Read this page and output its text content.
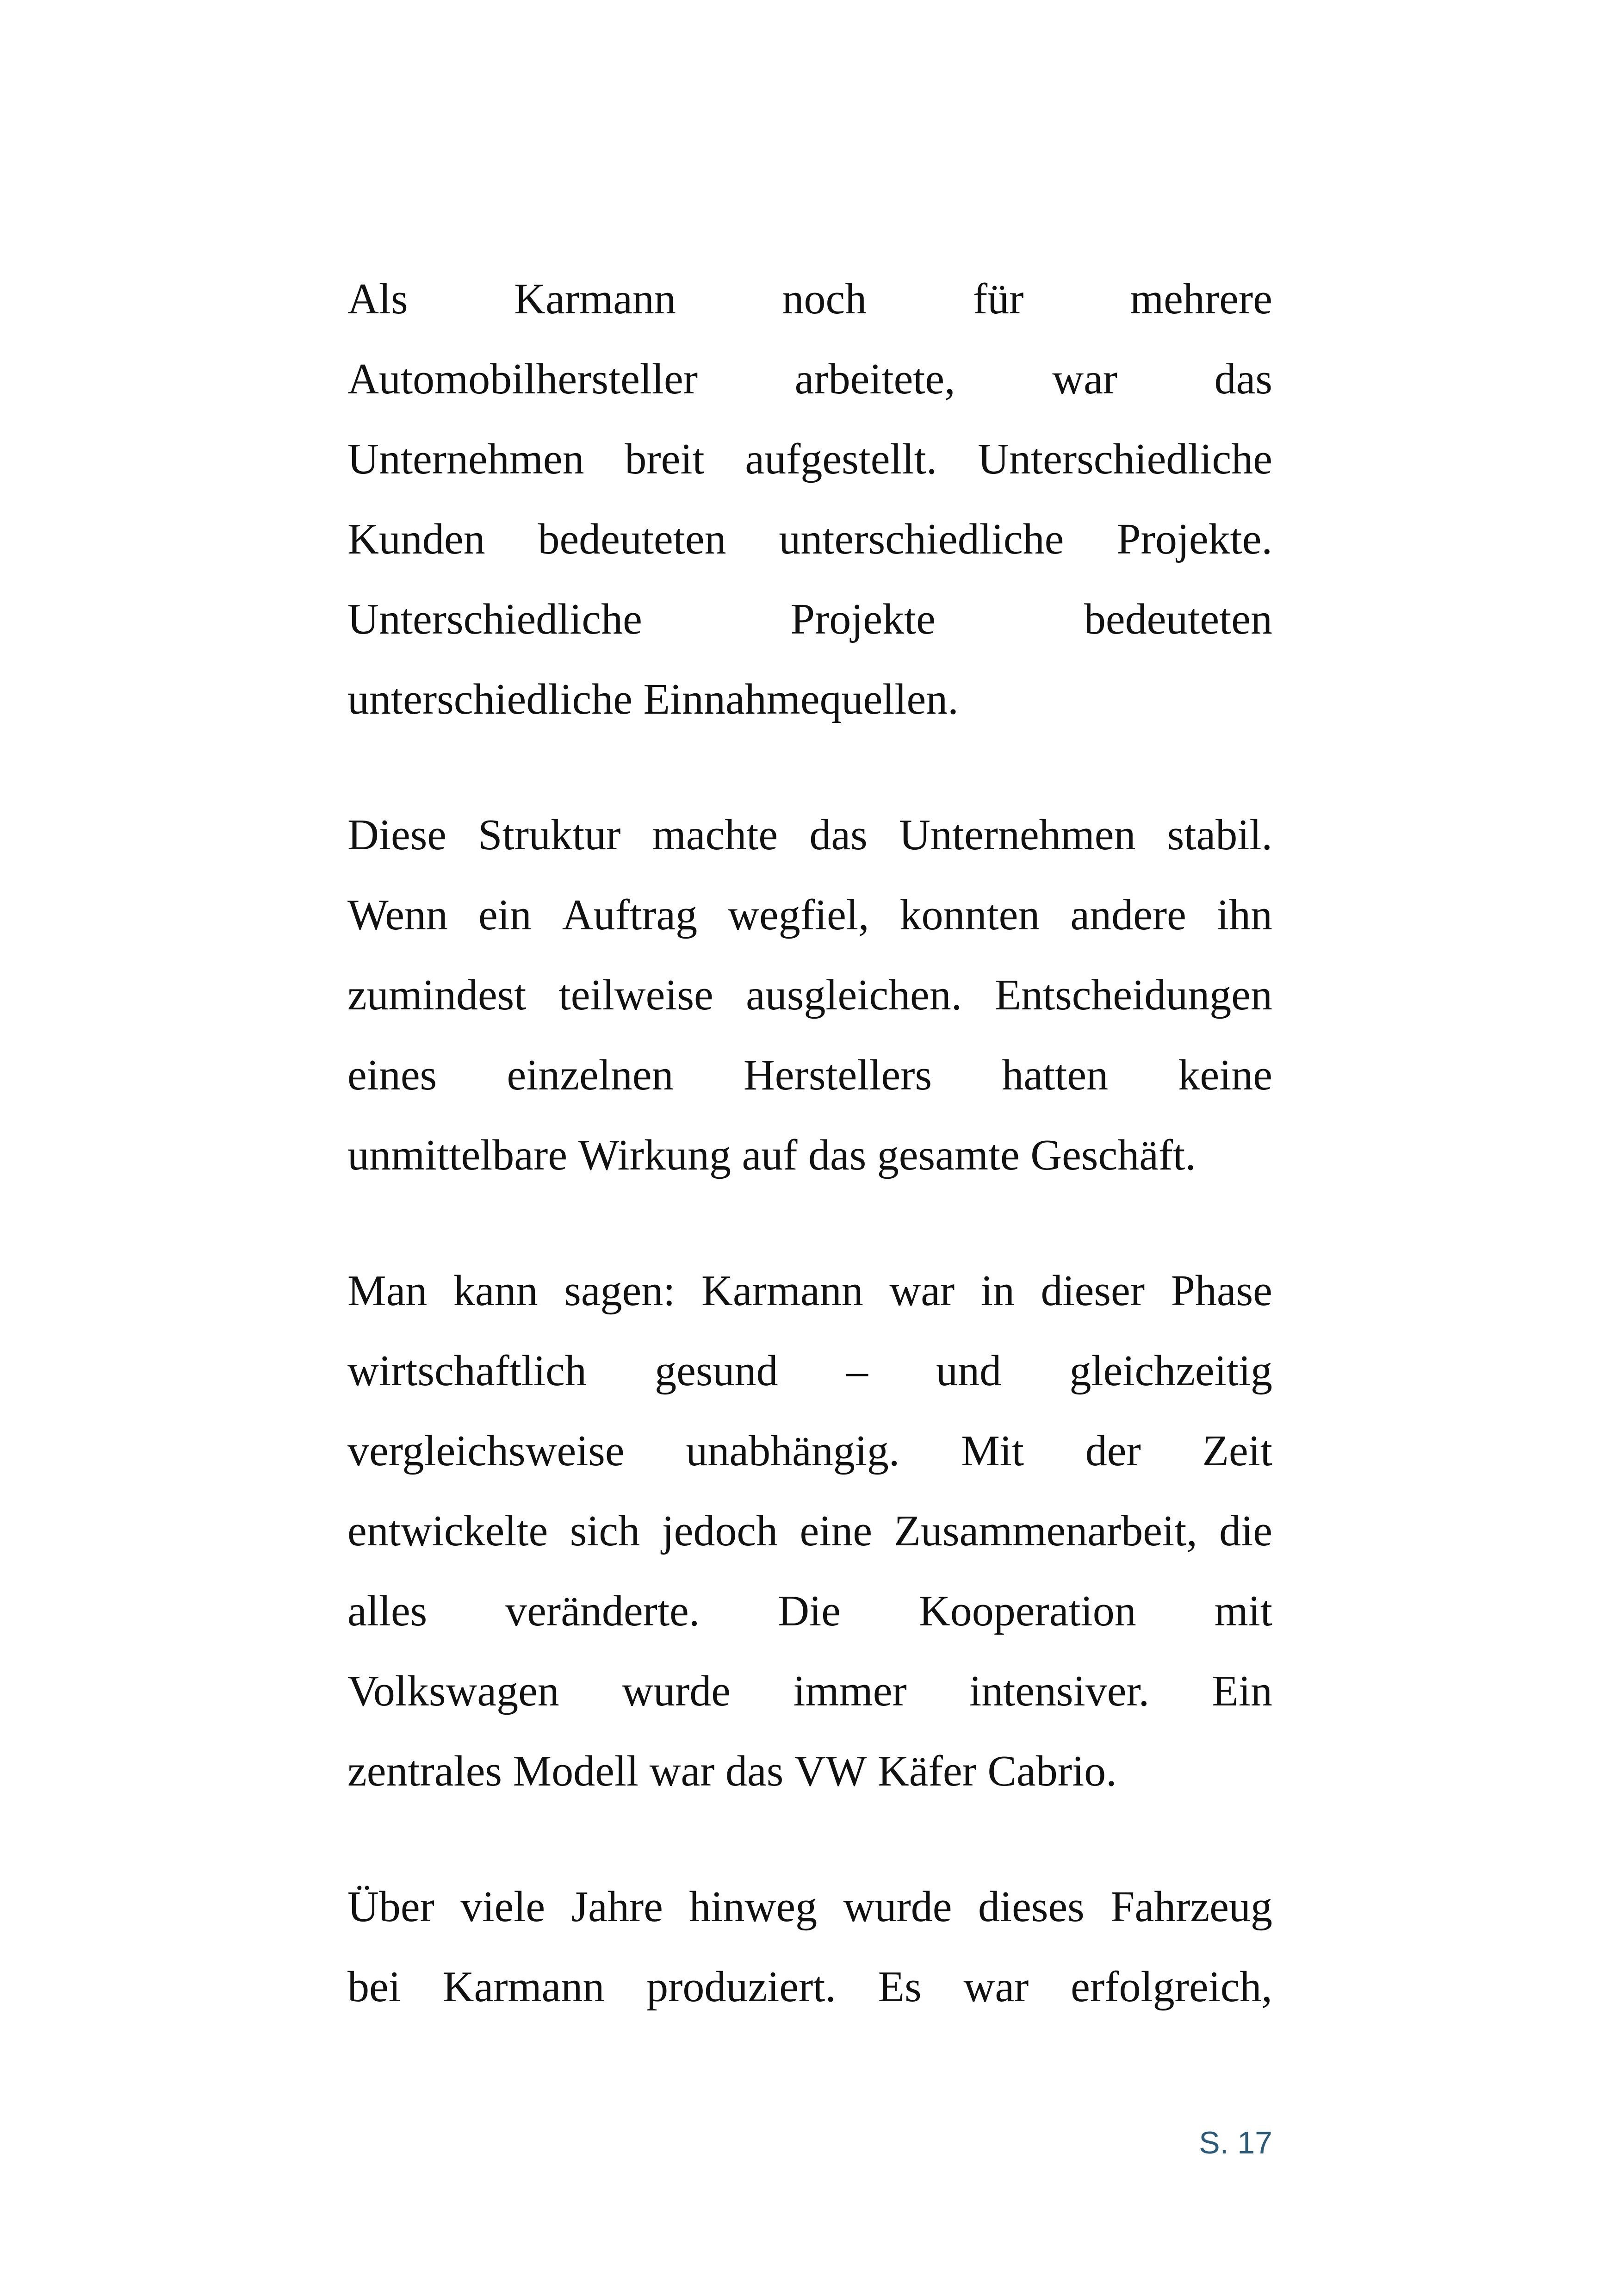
Als Karmann noch für mehrere
Automobilhersteller arbeitete, war das
Unternehmen breit aufgestellt. Unterschiedliche
Kunden bedeuteten unterschiedliche Projekte.
Unterschiedliche	Projekte	bedeuteten
unterschiedliche Einnahmequellen.
Diese Struktur machte das Unternehmen stabil.
Wenn ein Auftrag wegfiel, konnten andere ihn
zumindest teilweise ausgleichen. Entscheidungen
eines einzelnen Herstellers hatten keine
unmittelbare Wirkung auf das gesamte Geschäft.
Man kann sagen: Karmann war in dieser Phase
wirtschaftlich gesund – und gleichzeitig
vergleichsweise unabhängig. Mit der Zeit
entwickelte sich jedoch eine Zusammenarbeit, die
alles veränderte. Die Kooperation mit
Volkswagen wurde immer intensiver. Ein
zentrales Modell war das VW Käfer Cabrio.
Über viele Jahre hinweg wurde dieses Fahrzeug
bei Karmann produziert. Es war erfolgreich,
S. 17
